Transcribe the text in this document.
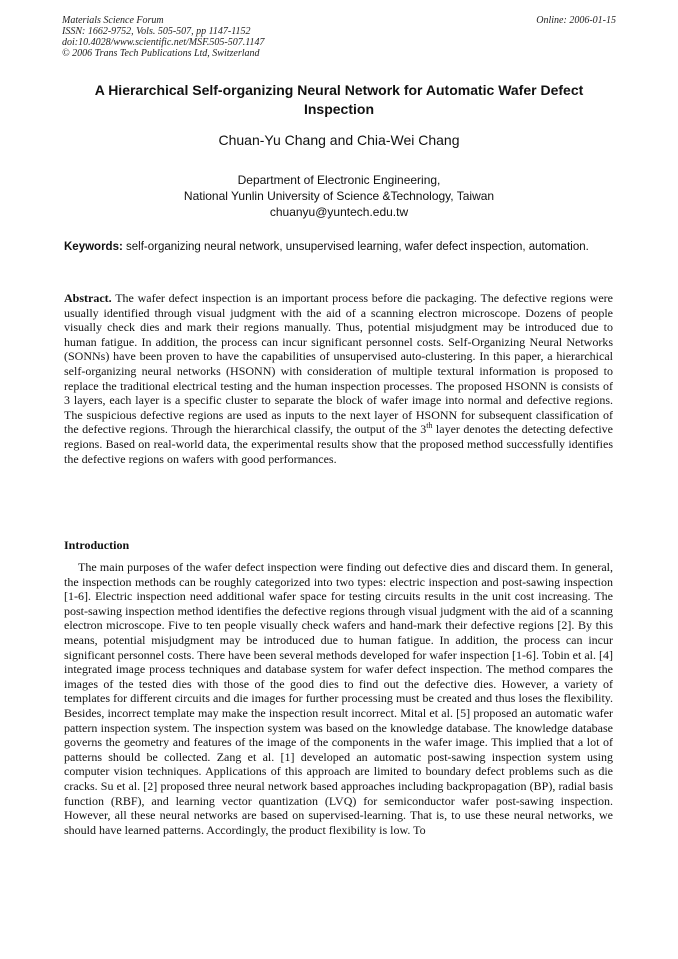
Materials Science Forum
ISSN: 1662-9752, Vols. 505-507, pp 1147-1152
doi:10.4028/www.scientific.net/MSF.505-507.1147
© 2006 Trans Tech Publications Ltd, Switzerland
Online: 2006-01-15
A Hierarchical Self-organizing Neural Network for Automatic Wafer Defect Inspection
Chuan-Yu Chang and Chia-Wei Chang
Department of Electronic Engineering,
National Yunlin University of Science &Technology, Taiwan
chuanyu@yuntech.edu.tw
Keywords: self-organizing neural network, unsupervised learning, wafer defect inspection, automation.
Abstract. The wafer defect inspection is an important process before die packaging. The defective regions were usually identified through visual judgment with the aid of a scanning electron microscope. Dozens of people visually check dies and mark their regions manually. Thus, potential misjudgment may be introduced due to human fatigue. In addition, the process can incur significant personnel costs. Self-Organizing Neural Networks (SONNs) have been proven to have the capabilities of unsupervised auto-clustering. In this paper, a hierarchical self-organizing neural networks (HSONN) with consideration of multiple textural information is proposed to replace the traditional electrical testing and the human inspection processes. The proposed HSONN is consists of 3 layers, each layer is a specific cluster to separate the block of wafer image into normal and defective regions. The suspicious defective regions are used as inputs to the next layer of HSONN for subsequent classification of the defective regions. Through the hierarchical classify, the output of the 3th layer denotes the detecting defective regions. Based on real-world data, the experimental results show that the proposed method successfully identifies the defective regions on wafers with good performances.
Introduction
The main purposes of the wafer defect inspection were finding out defective dies and discard them. In general, the inspection methods can be roughly categorized into two types: electric inspection and post-sawing inspection [1-6]. Electric inspection need additional wafer space for testing circuits results in the unit cost increasing. The post-sawing inspection method identifies the defective regions through visual judgment with the aid of a scanning electron microscope. Five to ten people visually check wafers and hand-mark their defective regions [2]. By this means, potential misjudgment may be introduced due to human fatigue. In addition, the process can incur significant personnel costs. There have been several methods developed for wafer inspection [1-6]. Tobin et al. [4] integrated image process techniques and database system for wafer defect inspection. The method compares the images of the tested dies with those of the good dies to find out the defective dies. However, a variety of templates for different circuits and die images for further processing must be created and thus loses the flexibility. Besides, incorrect template may make the inspection result incorrect. Mital et al. [5] proposed an automatic wafer pattern inspection system. The inspection system was based on the knowledge database. The knowledge database governs the geometry and features of the image of the components in the wafer image. This implied that a lot of patterns should be collected. Zang et al. [1] developed an automatic post-sawing inspection system using computer vision techniques. Applications of this approach are limited to boundary defect problems such as die cracks. Su et al. [2] proposed three neural network based approaches including backpropagation (BP), radial basis function (RBF), and learning vector quantization (LVQ) for semiconductor wafer post-sawing inspection. However, all these neural networks are based on supervised-learning. That is, to use these neural networks, we should have learned patterns. Accordingly, the product flexibility is low. To
